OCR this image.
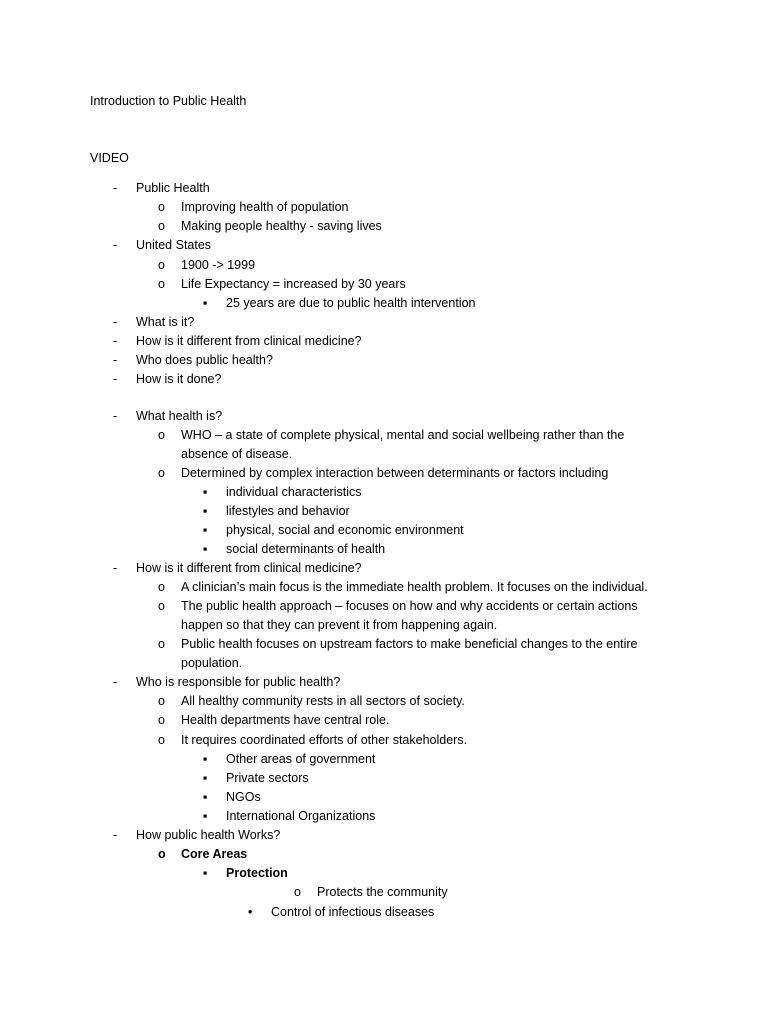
Introduction to Public Health
VIDEO
- Public Health
o Improving health of population
o Making people healthy - saving lives
- United States
o 1900 -> 1999
o Life Expectancy = increased by 30 years
▪ 25 years are due to public health intervention
- What is it?
- How is it different from clinical medicine?
- Who does public health?
- How is it done?
- What health is?
o WHO – a state of complete physical, mental and social wellbeing rather than the
absence of disease.
o Determined by complex interaction between determinants or factors including
▪ individual characteristics
▪ lifestyles and behavior
▪ physical, social and economic environment
▪ social determinants of health
- How is it different from clinical medicine?
o A clinician’s main focus is the immediate health problem. It focuses on the individual.
o The public health approach – focuses on how and why accidents or certain actions
happen so that they can prevent it from happening again.
o Public health focuses on upstream factors to make beneficial changes to the entire
population.
- Who is responsible for public health?
o All healthy community rests in all sectors of society.
o Health departments have central role.
o It requires coordinated efforts of other stakeholders.
▪ Other areas of government
▪ Private sectors
▪ NGOs
▪ International Organizations
- How public health Works?
o Core Areas
▪ Protection
o Protects the community
• Control of infectious diseases
